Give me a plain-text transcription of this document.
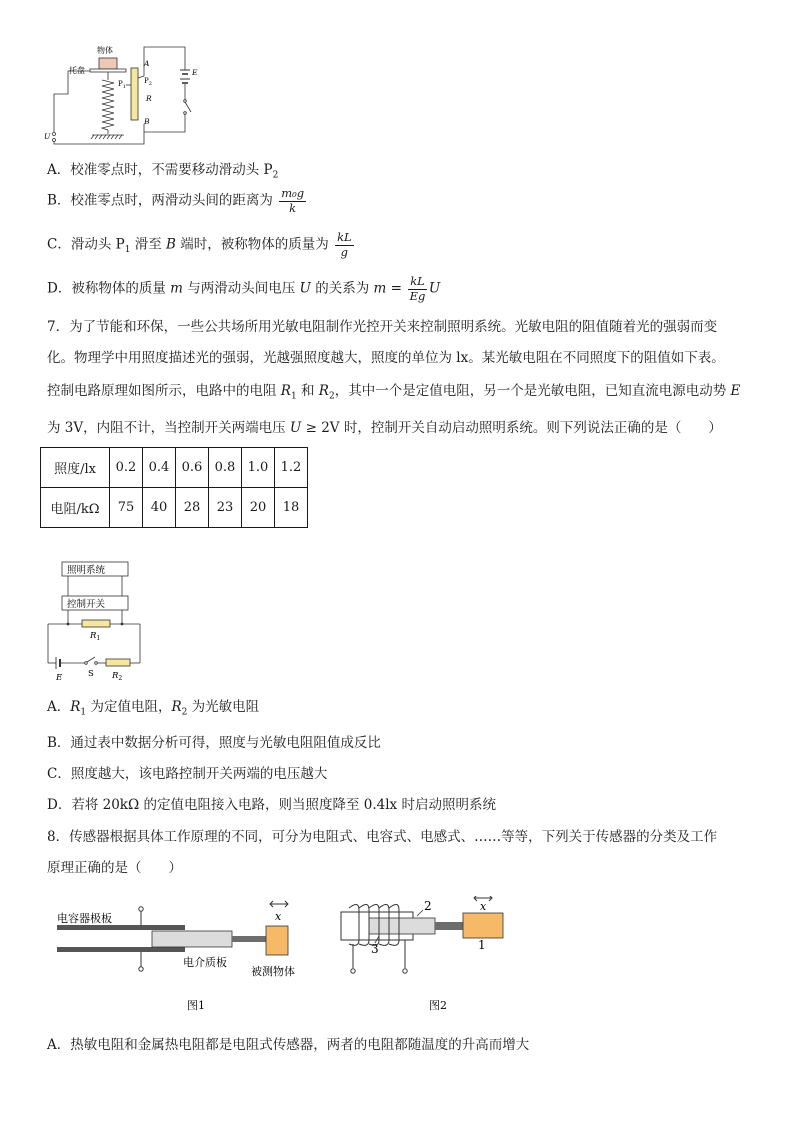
物体
托盘
A
B
R
$P_1$
$P_2$
E
U
A．校准零点时，不需要移动滑动头 $P_2$
B．校准零点时，两滑动头间的距离为 $\frac{\text{m₀g}}{k}$
C．滑动头 $P_1$ 滑至 B 端时，被称物体的质量为 $\frac{kL}{g}$
D．被称物体的质量 m 与两滑动头间电压 U 的关系为 $m = \frac{kL}{Eg}$ U
7．为了节能和环保，一些公共场所用光敏电阻制作光控开关来控制照明系统。光敏电阻的阻值随着光的强弱而变
化。物理学中用照度描述光的强弱，光越强照度越大，照度的单位为 lx。某光敏电阻在不同照度下的阻值如下表。
控制电路原理如图所示，电路中的电阻 $R_1$ 和 $R_2$，其中一个是定值电阻，另一个是光敏电阻，已知直流电源电动势 E
为 3V，内阻不计，当控制开关两端电压 U ≥ 2V 时，控制开关自动启动照明系统。则下列说法正确的是（　　）
照度/lx	0.2	0.4	0.6	0.8	1.0	1.2
电阻/kΩ	75	40	28	23	20	18
照明系统
控制开关
$R_1$
E	S $R_2$
A．$R_1$ 为定值电阻，$R_2$ 为光敏电阻
B．通过表中数据分析可得，照度与光敏电阻阻值成反比
C．照度越大，该电路控制开关两端的电压越大
D．若将 20kΩ 的定值电阻接入电路，则当照度降至 0.4lx 时启动照明系统
8．传感器根据具体工作原理的不同，可分为电阻式、电容式、电感式、……等等，下列关于传感器的分类及工作
原理正确的是（　　）
电容器极板	x
电介质板
被测物体
图1
3
2
1
x
图2
A．热敏电阻和金属热电阻都是电阻式传感器，两者的电阻都随温度的升高而增大
